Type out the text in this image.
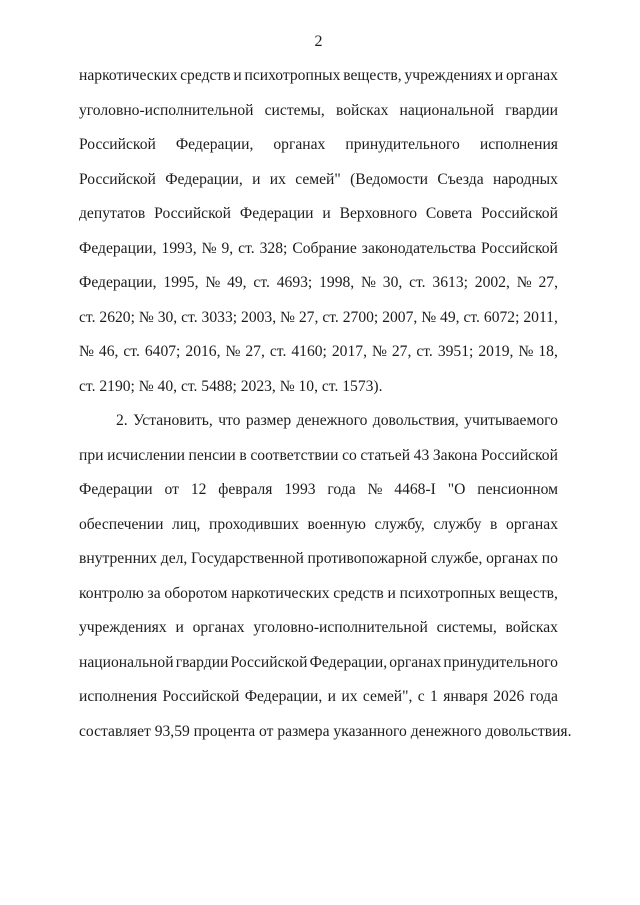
2
наркотических средств и психотропных веществ, учреждениях и органах
уголовно-исполнительной системы, войсках национальной гвардии
Российской Федерации, органах принудительного исполнения
Российской Федерации, и их семей" (Ведомости Съезда народных
депутатов Российской Федерации и Верховного Совета Российской
Федерации, 1993, № 9, ст. 328; Собрание законодательства Российской
Федерации, 1995, № 49, ст. 4693; 1998, № 30, ст. 3613; 2002, № 27,
ст. 2620; № 30, ст. 3033; 2003, № 27, ст. 2700; 2007, № 49, ст. 6072; 2011,
№ 46, ст. 6407; 2016, № 27, ст. 4160; 2017, № 27, ст. 3951; 2019, № 18,
ст. 2190; № 40, ст. 5488; 2023, № 10, ст. 1573).
2. Установить, что размер денежного довольствия, учитываемого
при исчислении пенсии в соответствии со статьей 43 Закона Российской
Федерации от 12 февраля 1993 года № 4468-I "О пенсионном
обеспечении лиц, проходивших военную службу, службу в органах
внутренних дел, Государственной противопожарной службе, органах по
контролю за оборотом наркотических средств и психотропных веществ,
учреждениях и органах уголовно-исполнительной системы, войсках
национальной гвардии Российской Федерации, органах принудительного
исполнения Российской Федерации, и их семей", с 1 января 2026 года
составляет 93,59 процента от размера указанного денежного довольствия.
